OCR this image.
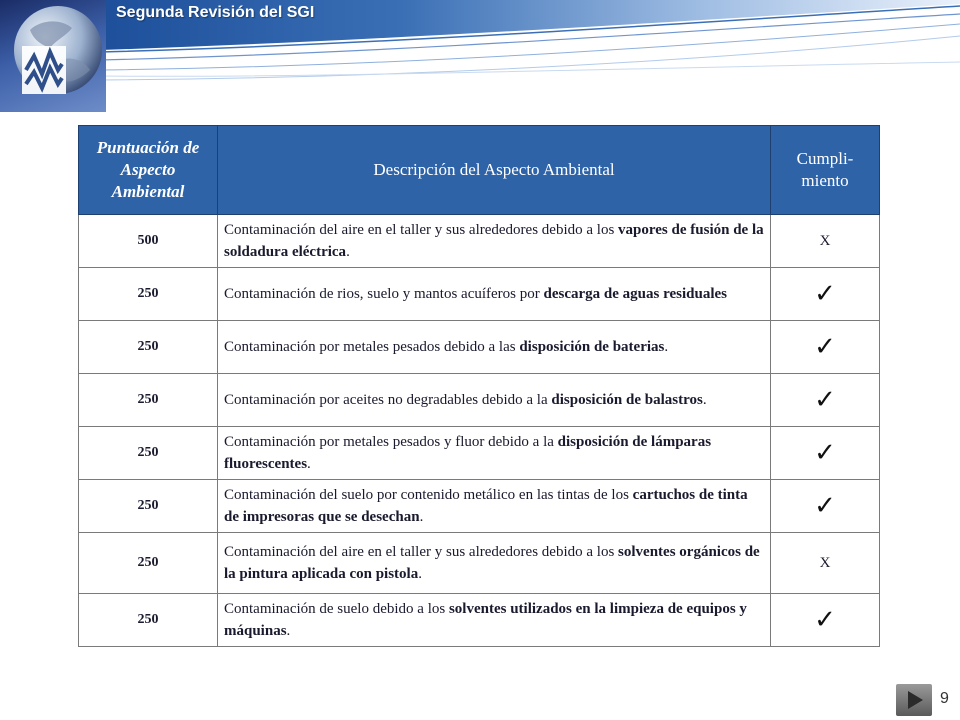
Segunda Revisión del SGI
Puntuación de Aspecto Ambiental	Descripción del Aspecto Ambiental	Cumpli-miento
500	Contaminación del aire en el taller y sus alrededores debido a los vapores de fusión de la soldadura eléctrica.	X
250	Contaminación de rios, suelo y mantos acuíferos por descarga de aguas residuales	✓
250	Contaminación por metales pesados debido a las disposición de baterias.	✓
250	Contaminación por aceites no degradables debido a la disposición de balastros.	✓
250	Contaminación por metales pesados y fluor debido a la disposición de lámparas fluorescentes.	✓
250	Contaminación del suelo por contenido metálico en las tintas de los cartuchos de tinta de impresoras que se desechan.	✓
250	Contaminación del aire en el taller y sus alrededores debido a los solventes orgánicos de la pintura aplicada con pistola.	X
250	Contaminación de suelo debido a los solventes utilizados en la limpieza de equipos y máquinas.	✓
9
